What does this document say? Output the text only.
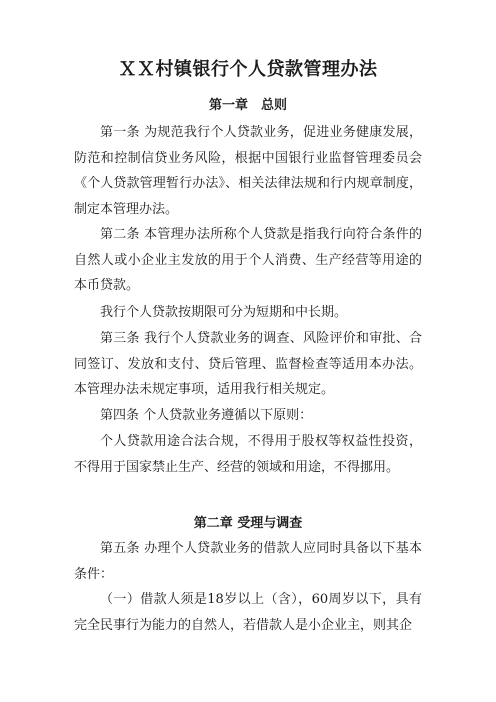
ＸＸ村镇银行个人贷款管理办法
第一章　总则

第一条 为规范我行个人贷款业务，促进业务健康发展，防范和控制信贷业务风险，根据中国银行业监督管理委员会《个人贷款管理暂行办法》、相关法律法规和行内规章制度，制定本管理办法。

第二条 本管理办法所称个人贷款是指我行向符合条件的自然人或小企业主发放的用于个人消费、生产经营等用途的本币贷款。

我行个人贷款按期限可分为短期和中长期。

第三条 我行个人贷款业务的调查、风险评价和审批、合同签订、发放和支付、贷后管理、监督检查等适用本办法。本管理办法未规定事项，适用我行相关规定。

第四条 个人贷款业务遵循以下原则：

个人贷款用途合法合规，不得用于股权等权益性投资，不得用于国家禁止生产、经营的领域和用途，不得挪用。

第二章 受理与调查

第五条 办理个人贷款业务的借款人应同时具备以下基本条件：

（一）借款人须是18岁以上（含），60周岁以下，具有完全民事行为能力的自然人，若借款人是小企业主，则其企
